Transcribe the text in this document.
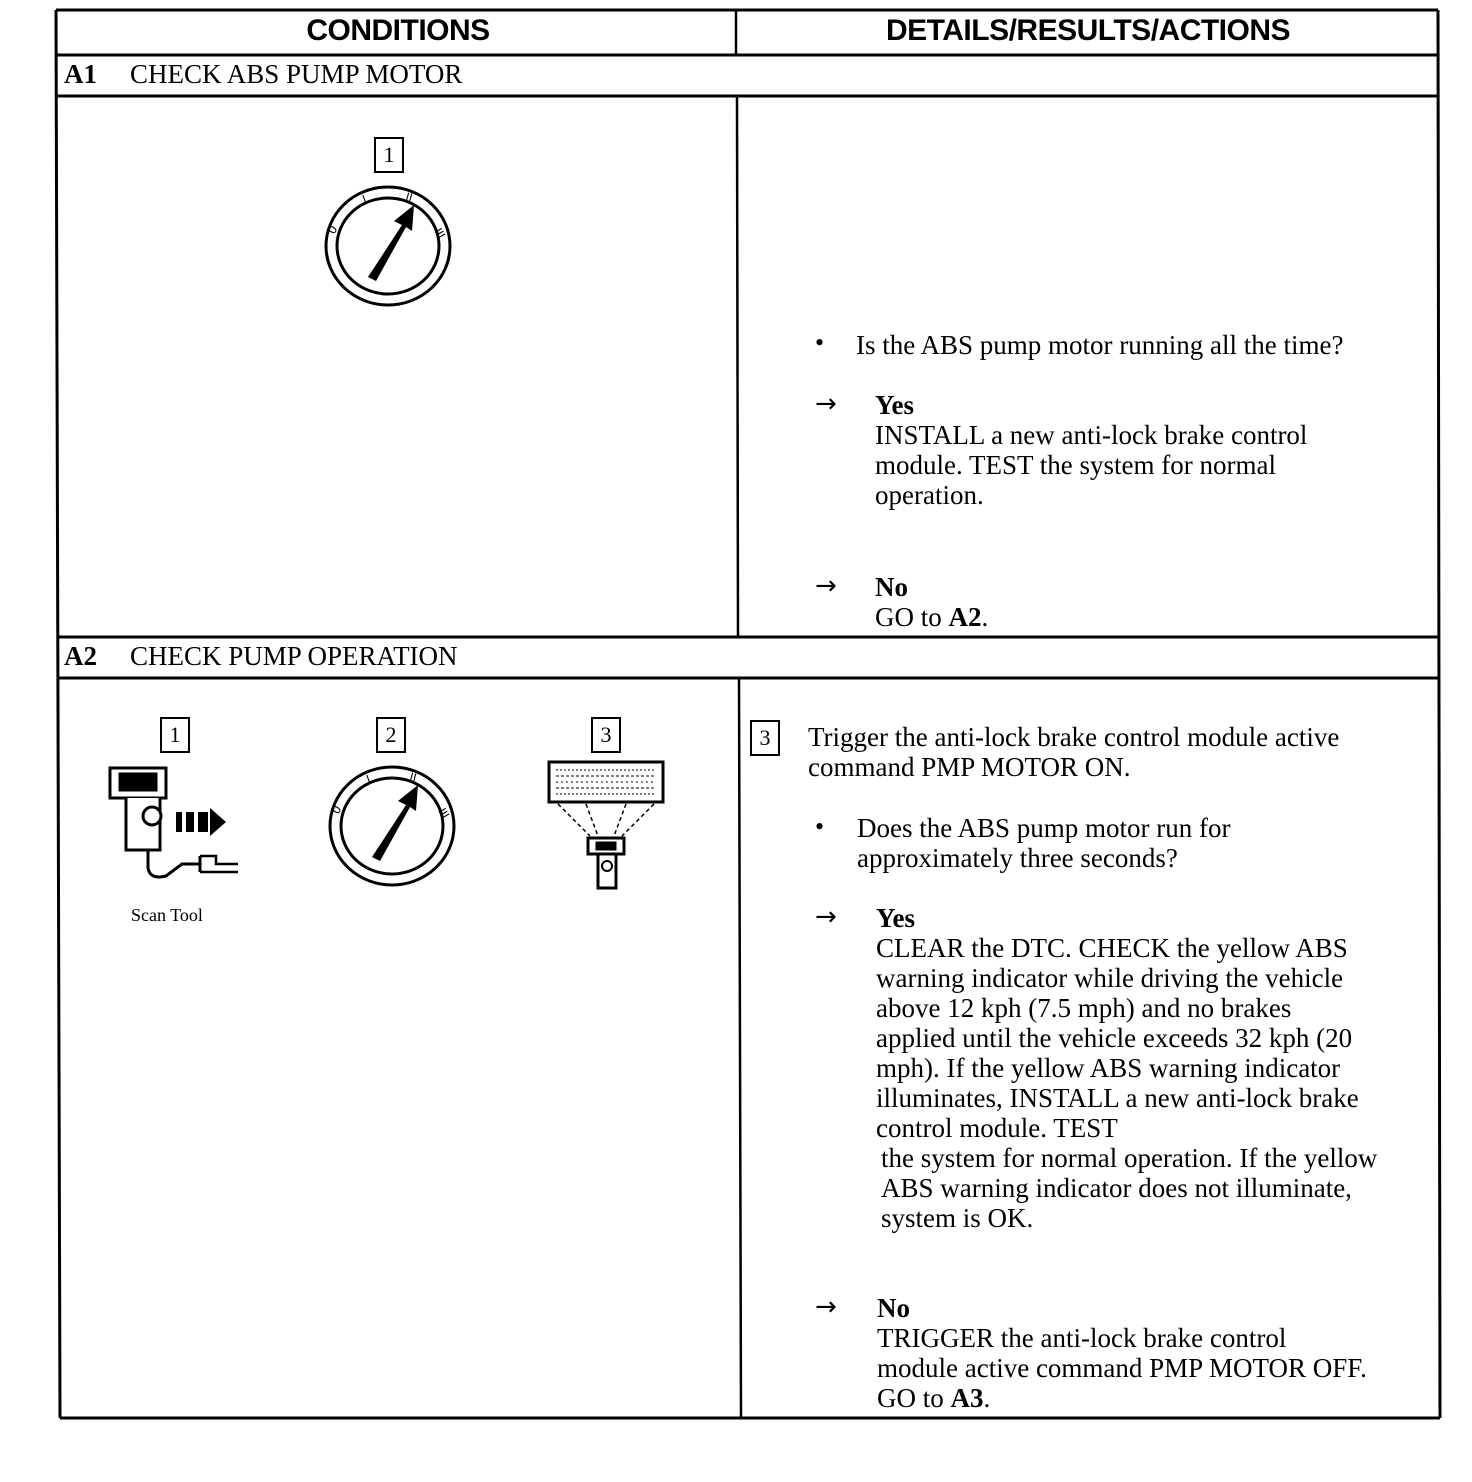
CONDITIONS	DETAILS/RESULTS/ACTIONS
A1 CHECK ABS PUMP MOTOR
1
0
I	II
III
• Is the ABS pump motor running all the time?
→ Yes
INSTALL a new anti-lock brake control
module. TEST the system for normal
operation.
→ No
GO to A2.
A2 CHECK PUMP OPERATION
1	2	3
Scan Tool
0
I	II
III
3	Trigger the anti-lock brake control module active
command PMP MOTOR ON.
• Does the ABS pump motor run for
approximately three seconds?
→ Yes
CLEAR the DTC. CHECK the yellow ABS
warning indicator while driving the vehicle
above 12 kph (7.5 mph) and no brakes
applied until the vehicle exceeds 32 kph (20
mph). If the yellow ABS warning indicator
illuminates, INSTALL a new anti-lock brake
control module. TEST
the system for normal operation. If the yellow
ABS warning indicator does not illuminate,
system is OK.
→ No
TRIGGER the anti-lock brake control
module active command PMP MOTOR OFF.
GO to A3.
